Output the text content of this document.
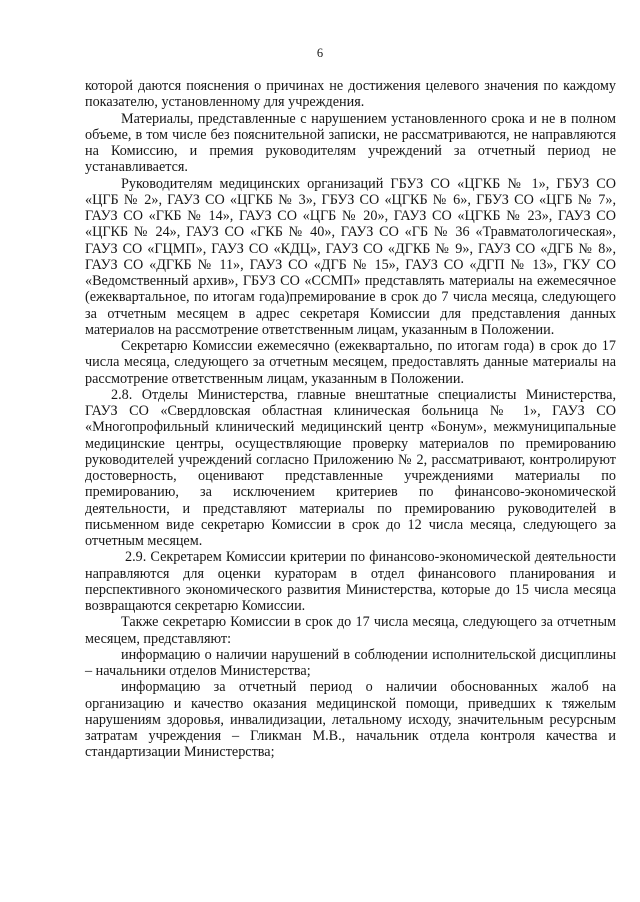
6

которой даются пояснения о причинах не достижения целевого значения по каждому показателю, установленному для учреждения.

Материалы, представленные с нарушением установленного срока и не в полном объеме, в том числе без пояснительной записки, не рассматриваются, не направляются на Комиссию, и премия руководителям учреждений за отчетный период не устанавливается.

Руководителям медицинских организаций ГБУЗ СО «ЦГКБ № 1», ГБУЗ СО «ЦГБ № 2», ГАУЗ СО «ЦГКБ № 3», ГБУЗ СО «ЦГКБ № 6», ГБУЗ СО «ЦГБ № 7», ГАУЗ СО «ГКБ № 14», ГАУЗ СО «ЦГБ № 20», ГАУЗ СО «ЦГКБ № 23», ГАУЗ СО «ЦГКБ № 24», ГАУЗ СО «ГКБ № 40», ГАУЗ СО «ГБ № 36 «Травматологическая», ГАУЗ СО «ГЦМП», ГАУЗ СО «КДЦ», ГАУЗ СО «ДГКБ № 9», ГАУЗ СО «ДГБ № 8», ГАУЗ СО «ДГКБ № 11», ГАУЗ СО «ДГБ № 15», ГАУЗ СО «ДГП № 13», ГКУ СО «Ведомственный архив», ГБУЗ СО «ССМП» представлять материалы на ежемесячное (ежеквартальное, по итогам года)премирование в срок до 7 числа месяца, следующего за отчетным месяцем в адрес секретаря Комиссии для представления данных материалов на рассмотрение ответственным лицам, указанным в Положении.

Секретарю Комиссии ежемесячно (ежеквартально, по итогам года) в срок до 17 числа месяца, следующего за отчетным месяцем, предоставлять данные материалы на рассмотрение ответственным лицам, указанным в Положении.

2.8. Отделы Министерства, главные внештатные специалисты Министерства, ГАУЗ СО «Свердловская областная клиническая больница № 1», ГАУЗ СО «Многопрофильный клинический медицинский центр «Бонум», межмуниципальные медицинские центры, осуществляющие проверку материалов по премированию руководителей учреждений согласно Приложению № 2, рассматривают, контролируют достоверность, оценивают представленные учреждениями материалы по премированию, за исключением критериев по финансово-экономической деятельности, и представляют материалы по премированию руководителей в письменном виде секретарю Комиссии в срок до 12 числа месяца, следующего за отчетным месяцем.

2.9. Секретарем Комиссии критерии по финансово-экономической деятельности направляются для оценки кураторам в отдел финансового планирования и перспективного экономического развития Министерства, которые до 15 числа месяца возвращаются секретарю Комиссии.

Также секретарю Комиссии в срок до 17 числа месяца, следующего за отчетным месяцем, представляют:

информацию о наличии нарушений в соблюдении исполнительской дисциплины – начальники отделов Министерства;

информацию за отчетный период о наличии обоснованных жалоб на организацию и качество оказания медицинской помощи, приведших к тяжелым нарушениям здоровья, инвалидизации, летальному исходу, значительным ресурсным затратам учреждения – Гликман М.В., начальник отдела контроля качества и стандартизации Министерства;
